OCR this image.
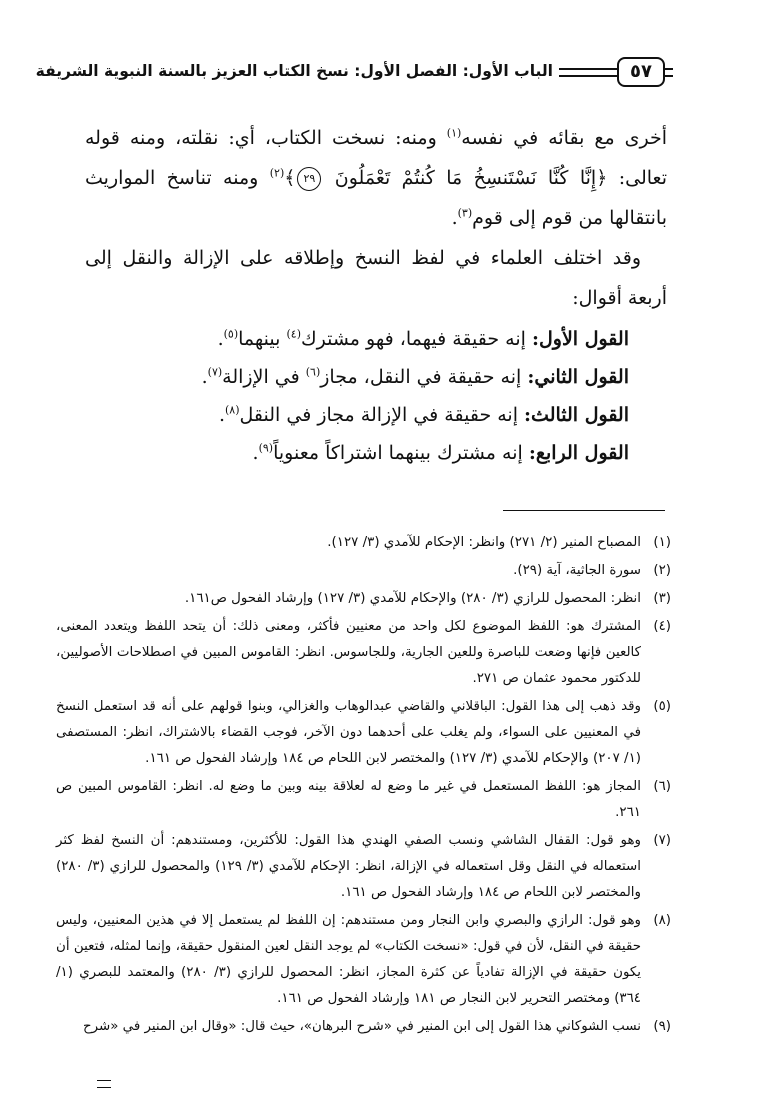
٥٧
الباب الأول: الفصل الأول: نسخ الكتاب العزيز بالسنة النبوية الشريفة

أخرى مع بقائه في نفسه$^{(١)}$ ومنه: نسخت الكتاب، أي: نقلته، ومنه قوله تعالى: ﴿إِنَّا كُنَّا نَسْتَنسِخُ مَا كُنتُمْ تَعْمَلُونَ ٢٩﴾$^{(٢)}$ ومنه تناسخ المواريث بانتقالها من قوم إلى قوم$^{(٣)}$.

وقد اختلف العلماء في لفظ النسخ وإطلاقه على الإزالة والنقل إلى أربعة أقوال:

القول الأول: إنه حقيقة فيهما، فهو مشترك$^{(٤)}$ بينهما$^{(٥)}$.

القول الثاني: إنه حقيقة في النقل، مجاز$^{(٦)}$ في الإزالة$^{(٧)}$.

القول الثالث: إنه حقيقة في الإزالة مجاز في النقل$^{(٨)}$.

القول الرابع: إنه مشترك بينهما اشتراكاً معنوياً$^{(٩)}$.

(١)
المصباح المنير (٢/ ٢٧١) وانظر: الإحكام للآمدي (٣/ ١٢٧).

(٢)
سورة الجاثية، آية (٢٩).

(٣)
انظر: المحصول للرازي (٣/ ٢٨٠) والإحكام للآمدي (٣/ ١٢٧) وإرشاد الفحول ص١٦١.

(٤)
المشترك هو: اللفظ الموضوع لكل واحد من معنيين فأكثر، ومعنى ذلك: أن يتحد اللفظ ويتعدد المعنى، كالعين فإنها وضعت للباصرة وللعين الجارية، وللجاسوس. انظر: القاموس المبين في اصطلاحات الأصوليين، للدكتور محمود عثمان ص ٢٧١.

(٥)
وقد ذهب إلى هذا القول: الباقلاني والقاضي عبدالوهاب والغزالي، وبنوا قولهم على أنه قد استعمل النسخ في المعنيين على السواء، ولم يغلب على أحدهما دون الآخر، فوجب القضاء بالاشتراك، انظر: المستصفى (١/ ٢٠٧) والإحكام للآمدي (٣/ ١٢٧) والمختصر لابن اللحام ص ١٨٤ وإرشاد الفحول ص ١٦١.

(٦)
المجاز هو: اللفظ المستعمل في غير ما وضع له لعلاقة بينه وبين ما وضع له. انظر: القاموس المبين ص ٢٦١.

(٧)
وهو قول: القفال الشاشي ونسب الصفي الهندي هذا القول: للأكثرين، ومستندهم: أن النسخ لفظ كثر استعماله في النقل وقل استعماله في الإزالة، انظر: الإحكام للآمدي (٣/ ١٢٩) والمحصول للرازي (٣/ ٢٨٠) والمختصر لابن اللحام ص ١٨٤ وإرشاد الفحول ص ١٦١.

(٨)
وهو قول: الرازي والبصري وابن النجار ومن مستندهم: إن اللفظ لم يستعمل إلا في هذين المعنيين، وليس حقيقة في النقل، لأن في قول: «نسخت الكتاب» لم يوجد النقل لعين المنقول حقيقة، وإنما لمثله، فتعين أن يكون حقيقة في الإزالة تفادياً عن كثرة المجاز، انظر: المحصول للرازي (٣/ ٢٨٠) والمعتمد للبصري (١/ ٣٦٤) ومختصر التحرير لابن النجار ص ١٨١ وإرشاد الفحول ص ١٦١.

(٩)
نسب الشوكاني هذا القول إلى ابن المنير في «شرح البرهان»، حيث قال: «وقال ابن المنير في «شرح
